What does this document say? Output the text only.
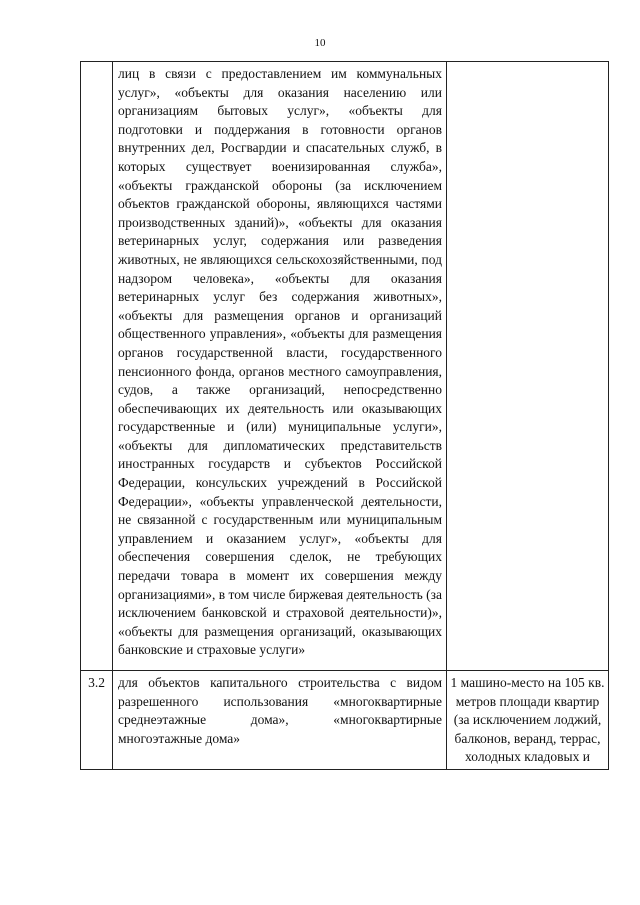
10
	лиц в связи с предоставлением им коммунальных услуг», «объекты для оказания населению или организациям бытовых услуг», «объекты для подготовки и поддержания в готовности органов внутренних дел, Росгвардии и спасательных служб, в которых существует военизированная служба», «объекты гражданской обороны (за исключением объектов гражданской обороны, являющихся частями производственных зданий)», «объекты для оказания ветеринарных услуг, содержания или разведения животных, не являющихся сельскохозяйственными, под надзором человека», «объекты для оказания ветеринарных услуг без содержания животных», «объекты для размещения органов и организаций общественного управления», «объекты для размещения органов государственной власти, государственного пенсионного фонда, органов местного самоуправления, судов, а также организаций, непосредственно обеспечивающих их деятельность или оказывающих государственные и (или) муниципальные услуги», «объекты для дипломатических представительств иностранных государств и субъектов Российской Федерации, консульских учреждений в Российской Федерации», «объекты управленческой деятельности, не связанной с государственным или муниципальным управлением и оказанием услуг», «объекты для обеспечения совершения сделок, не требующих передачи товара в момент их совершения между организациями», в том числе биржевая деятельность (за исключением банковской и страховой деятельности)», «объекты для размещения организаций, оказывающих банковские и страховые услуги»	
3.2	для объектов капитального строительства с видом разрешенного использования «многоквартирные среднеэтажные дома», «многоквартирные многоэтажные дома»	1 машино-место на 105 кв. метров площади квартир (за исключением лоджий, балконов, веранд, террас, холодных кладовых и
